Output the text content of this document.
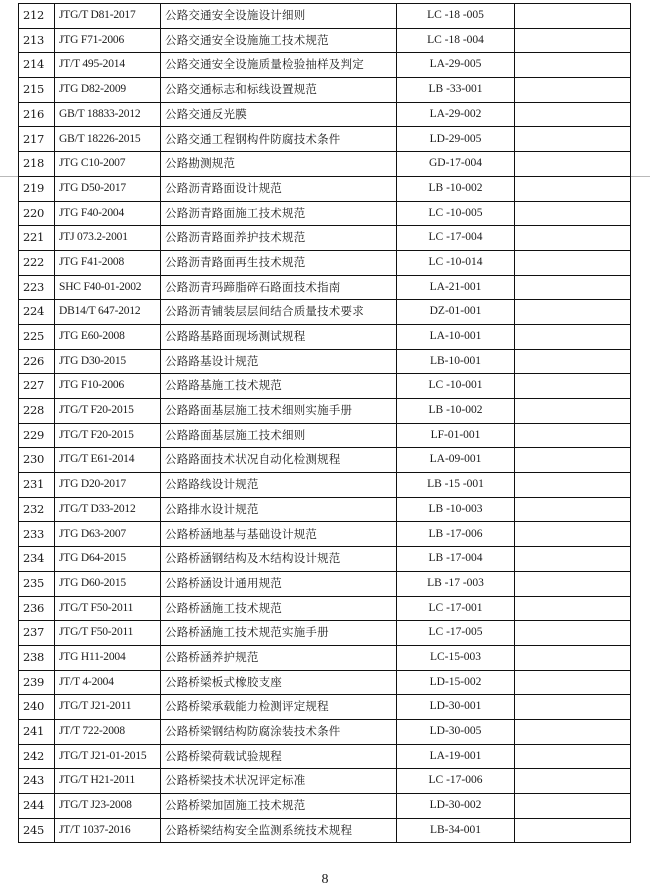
212	JTG/T D81-2017	公路交通安全设施设计细则	LC -18 -005	
213	JTG F71-2006	公路交通安全设施施工技术规范	LC -18 -004	
214	JT/T 495-2014	公路交通安全设施质量检验抽样及判定	LA-29-005	
215	JTG D82-2009	公路交通标志和标线设置规范	LB -33-001	
216	GB/T 18833-2012	公路交通反光膜	LA-29-002	
217	GB/T 18226-2015	公路交通工程钢构件防腐技术条件	LD-29-005	
218	JTG C10-2007	公路勘测规范	GD-17-004	
219	JTG D50-2017	公路沥青路面设计规范	LB -10-002	
220	JTG F40-2004	公路沥青路面施工技术规范	LC -10-005	
221	JTJ 073.2-2001	公路沥青路面养护技术规范	LC -17-004	
222	JTG F41-2008	公路沥青路面再生技术规范	LC -10-014	
223	SHC F40-01-2002	公路沥青玛蹄脂碎石路面技术指南	LA-21-001	
224	DB14/T 647-2012	公路沥青铺装层层间结合质量技术要求	DZ-01-001	
225	JTG E60-2008	公路路基路面现场测试规程	LA-10-001	
226	JTG D30-2015	公路路基设计规范	LB-10-001	
227	JTG F10-2006	公路路基施工技术规范	LC -10-001	
228	JTG/T F20-2015	公路路面基层施工技术细则实施手册	LB -10-002	
229	JTG/T F20-2015	公路路面基层施工技术细则	LF-01-001	
230	JTG/T E61-2014	公路路面技术状况自动化检测规程	LA-09-001	
231	JTG D20-2017	公路路线设计规范	LB -15 -001	
232	JTG/T D33-2012	公路排水设计规范	LB -10-003	
233	JTG D63-2007	公路桥涵地基与基础设计规范	LB -17-006	
234	JTG D64-2015	公路桥涵钢结构及木结构设计规范	LB -17-004	
235	JTG D60-2015	公路桥涵设计通用规范	LB -17 -003	
236	JTG/T F50-2011	公路桥涵施工技术规范	LC -17-001	
237	JTG/T F50-2011	公路桥涵施工技术规范实施手册	LC -17-005	
238	JTG H11-2004	公路桥涵养护规范	LC-15-003	
239	JT/T 4-2004	公路桥梁板式橡胶支座	LD-15-002	
240	JTG/T J21-2011	公路桥梁承载能力检测评定规程	LD-30-001	
241	JT/T 722-2008	公路桥梁钢结构防腐涂装技术条件	LD-30-005	
242	JTG/T J21-01-2015	公路桥梁荷载试验规程	LA-19-001	
243	JTG/T H21-2011	公路桥梁技术状况评定标准	LC -17-006	
244	JTG/T J23-2008	公路桥梁加固施工技术规范	LD-30-002	
245	JT/T 1037-2016	公路桥梁结构安全监测系统技术规程	LB-34-001	
8
